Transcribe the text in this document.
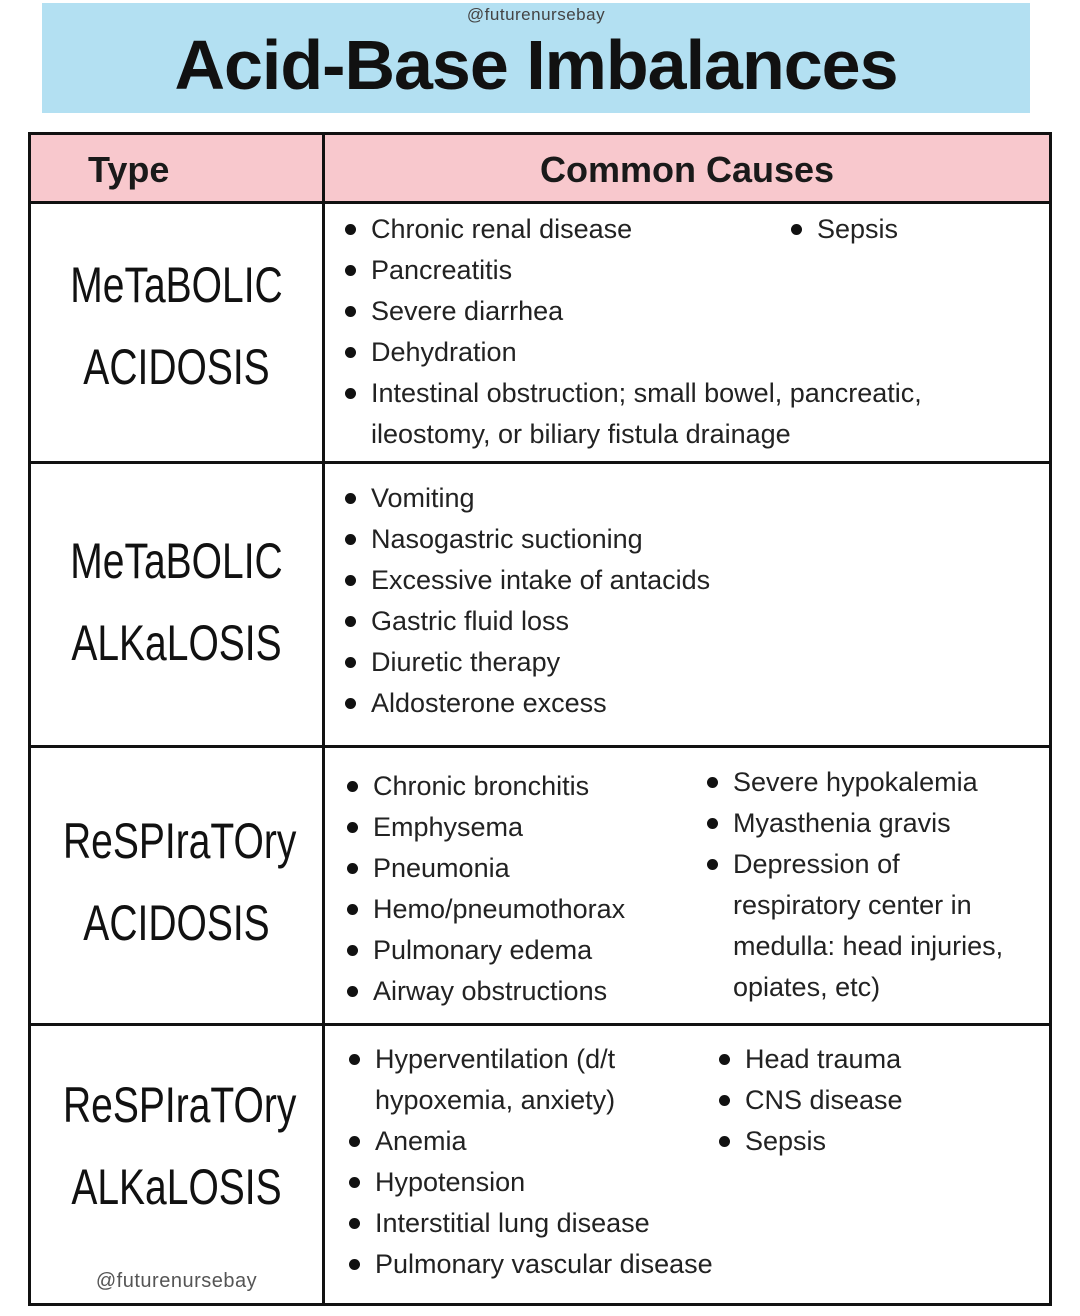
@futurenursebay
Acid-Base Imbalances
Type	Common Causes
MeTaBOLIC
ACIDOSIS
Chronic renal disease
Pancreatitis
Severe diarrhea
Dehydration
Intestinal obstruction; small bowel, pancreatic, ileostomy, or biliary fistula drainage
Sepsis
MeTaBOLIC
ALKaLOSIS
Vomiting
Nasogastric suctioning
Excessive intake of antacids
Gastric fluid loss
Diuretic therapy
Aldosterone excess
ReSPIraTOry
ACIDOSIS
Chronic bronchitis
Emphysema
Pneumonia
Hemo/pneumothorax
Pulmonary edema
Airway obstructions
Severe hypokalemia
Myasthenia gravis
Depression of respiratory center in medulla: head injuries, opiates, etc)
ReSPIraTOry
ALKaLOSIS
@futurenursebay
Hyperventilation (d/t hypoxemia, anxiety)
Anemia
Hypotension
Interstitial lung disease
Pulmonary vascular disease
Head trauma
CNS disease
Sepsis
